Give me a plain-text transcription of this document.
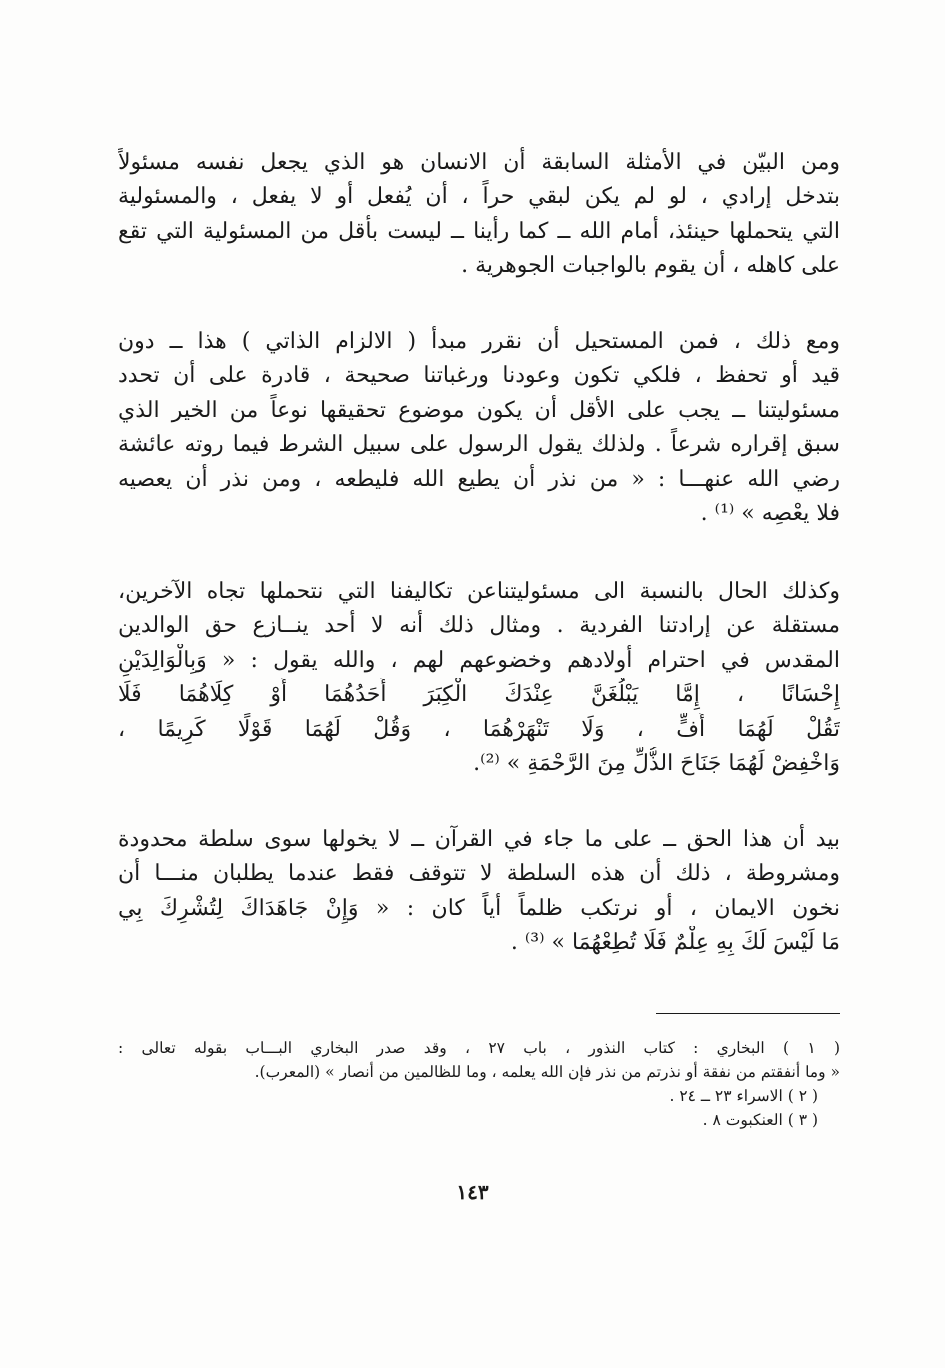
ومن البيّن في الأمثلة السابقة أن الانسان هو الذي يجعل نفسه مسئولاً
بتدخل إرادي ، لو لم يكن لبقي حراً ، أن يُفعل أو لا يفعل ، والمسئولية
التي يتحملها حينئذ، أمام الله ــ كما رأينا ــ ليست بأقل من المسئولية التي تقع
على كاهله ، أن يقوم بالواجبات الجوهرية .
ومع ذلك ، فمن المستحيل أن نقرر مبدأ ( الالزام الذاتي ) هذا ــ دون
قيد أو تحفظ ، فلكي تكون وعودنا ورغباتنا صحيحة ، قادرة على أن تحدد
مسئوليتنا ــ يجب على الأقل أن يكون موضوع تحقيقها نوعاً من الخير الذي
سبق إقراره شرعاً . ولذلك يقول الرسول على سبيل الشرط فيما روته عائشة
رضي الله عنهـــا : « من نذر أن يطيع الله فليطعه ، ومن نذر أن يعصيه
فلا يعْصِه » ⁽¹⁾ .
وكذلك الحال بالنسبة الى مسئوليتناعن تكاليفنا التي نتحملها تجاه الآخرين،
مستقلة عن إرادتنا الفردية . ومثال ذلك أنه لا أحد ينــازع حق الوالدين
المقدس في احترام أولادهم وخضوعهم لهم ، والله يقول : « وَبِالْوَالِدَيْنِ
إِحْسَانًا ، إِمَّا يَبْلُغَنَّ عِنْدَكَ الْكِبَرَ أَحَدُهُمَا أَوْ كِلَاهُمَا فَلَا
تَقُلْ لَهُمَا أُفٍّ ، وَلَا تَنْهَرْهُمَا ، وَقُلْ لَهُمَا قَوْلًا كَرِيمًا ،
وَاخْفِضْ لَهُمَا جَنَاحَ الذُّلِّ مِنَ الرَّحْمَةِ » ⁽²⁾.
بيد أن هذا الحق ــ على ما جاء في القرآن ــ لا يخولها سوى سلطة محدودة
ومشروطة ، ذلك أن هذه السلطة لا تتوقف فقط عندما يطلبان منـــا أن
نخون الايمان ، أو نرتكب ظلماً أياً كان : « وَإِنْ جَاهَدَاكَ لِتُشْرِكَ بِي
مَا لَيْسَ لَكَ بِهِ عِلْمٌ فَلَا تُطِعْهُمَا » ⁽³⁾ .
( ١ ) البخاري : كتاب النذور ، باب ٢٧ ، وقد صدر البخاري البـــاب بقوله تعالى :
« وما أنفقتم من نفقة أو نذرتم من نذر فإن الله يعلمه ، وما للظالمين من أنصار » (المعرب).
( ٢ ) الاسراء ٢٣ ــ ٢٤ .
( ٣ ) العنكبوت ٨ .
١٤٣
